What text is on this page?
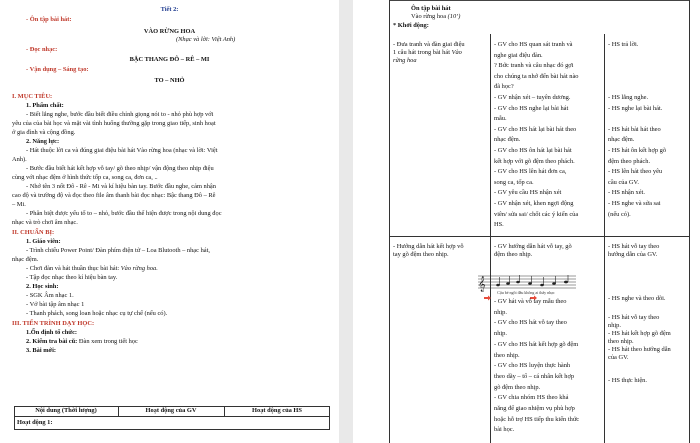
Tiết 2:
- Ôn tập bài hát:
VÀO RỪNG HOA
(Nhạc và lời: Việt Anh)
- Đọc nhạc:
BẬC THANG ĐÔ – RÊ – MI
- Vận dụng – Sáng tạo:
TO – NHỎ
I. MỤC TIÊU:
1. Phẩm chất:
- Biết lắng nghe, bước đầu biết điều chỉnh giọng nói to - nhỏ phù hợp với
yêu của của bài học và mặt vài tình huống thường gặp trong giao tiếp, sinh hoạt
ở gia đình và cộng đồng.
2. Năng lực:
- Hát thuộc lời ca và đúng giai điệu bài hát Vào rừng hoa (nhạc và lời: Việt
Anh).
- Bước đầu biết hát kết hợp vỗ tay/ gõ theo nhịp/ vận động theo nhịp điệu
cùng với nhạc đệm ở hình thức tốp ca, song ca, đơn ca, ..
- Nhớ tên 3 nốt Đô - Rê - Mi và kí hiệu bàn tay. Bước đầu nghe, cảm nhận
cao độ và trường độ và đọc theo file âm thanh bài đọc nhạc: Bậc thang Đô – Rê
– Mi.
- Phân biệt được yếu tố to – nhỏ, bước đầu thể hiện được trong nội dung đọc
nhạc và trò chơi âm nhạc.
II. CHUẨN BỊ:
1. Giáo viên:
- Trình chiếu Power Point/ Đàn phím điện tử – Loa Blutooth – nhạc hát,
nhạc đệm.
- Chơi đàn và hát thuần thục bài hát: Vào rừng hoa.
- Tập đọc nhạc theo kí hiệu bàn tay.
2. Học sinh:
- SGK Âm nhạc 1.
- Vở bài tập âm nhạc 1
- Thanh phách, song loan hoặc nhạc cụ tự chế (nếu có).
III. TIẾN TRÌNH DẠY HỌC:
1.Ổn định tổ chức:
2. Kiểm tra bài cũ: Đàn xem trong tiết học
3. Bài mới:
Nội dung (Thời lượng)	Hoạt động của GV	Hoạt động của HS
Hoạt động 1:
Ôn tập bài hát
Vào rừng hoa (10’)
* Khởi động:
- Đưa tranh và đàn giai điệu
1 câu hát trong bài hát Vào
rừng hoa
- GV cho HS quan sát tranh và
nghe giai điệu đàn.
? Bức tranh và câu nhạc đó gợi
cho chúng ta nhớ đến bài hát nào
đã học?
- GV nhận xét – tuyên dương.
- GV cho HS nghe lại bài hát
mẫu.
- GV cho HS hát lại bài hát theo
nhạc đệm.
- GV cho HS ôn hát lại bài hát
kết hợp với gõ đệm theo phách.
- GV cho HS lên hát đơn ca,
song ca, tốp ca.
- GV yêu cầu HS nhận xét
- GV nhận xét, khen ngợi động
viên/ sửa sai/ chốt các ý kiến của
HS.
- HS trả lời.
- HS lắng nghe.
- HS nghe lại bài hát.
- HS hát bài hát theo
nhạc đệm.
- HS hát ôn kết hợp gõ
đệm theo phách.
- HS lên hát theo yêu
cầu của GV.
- HS nhận xét.
- HS nghe và sửa sai
(nếu có).
- Hướng dẫn hát kết hợp vỗ
tay gõ đệm theo nhịp.
- GV hướng dẫn hát vỗ tay, gõ
đệm theo nhịp.
𝄞
Cậu bé ngồi đâu không ai thấy nhạc
- GV hát và vỗ tay mẫu theo
nhịp.
- GV cho HS hát vỗ tay theo
nhịp.
- GV cho HS hát kết hợp gõ đệm
theo nhịp.
- GV cho HS luyện thực hành
theo dãy – tổ – cá nhân kết hợp
gõ đệm theo nhịp.
- GV chia nhóm HS theo khả
năng để giao nhiệm vụ phù hợp
hoặc hỗ trợ HS tiếp thu kiến thức
bài học.
- HS hát vỗ tay theo
hướng dẫn của GV.
- HS nghe và theo dõi.
- HS hát vỗ tay theo
nhịp.
- HS hát kết hợp gõ đệm
theo nhịp.
- HS hát theo hướng dẫn
của GV.
- HS thực hiện.
